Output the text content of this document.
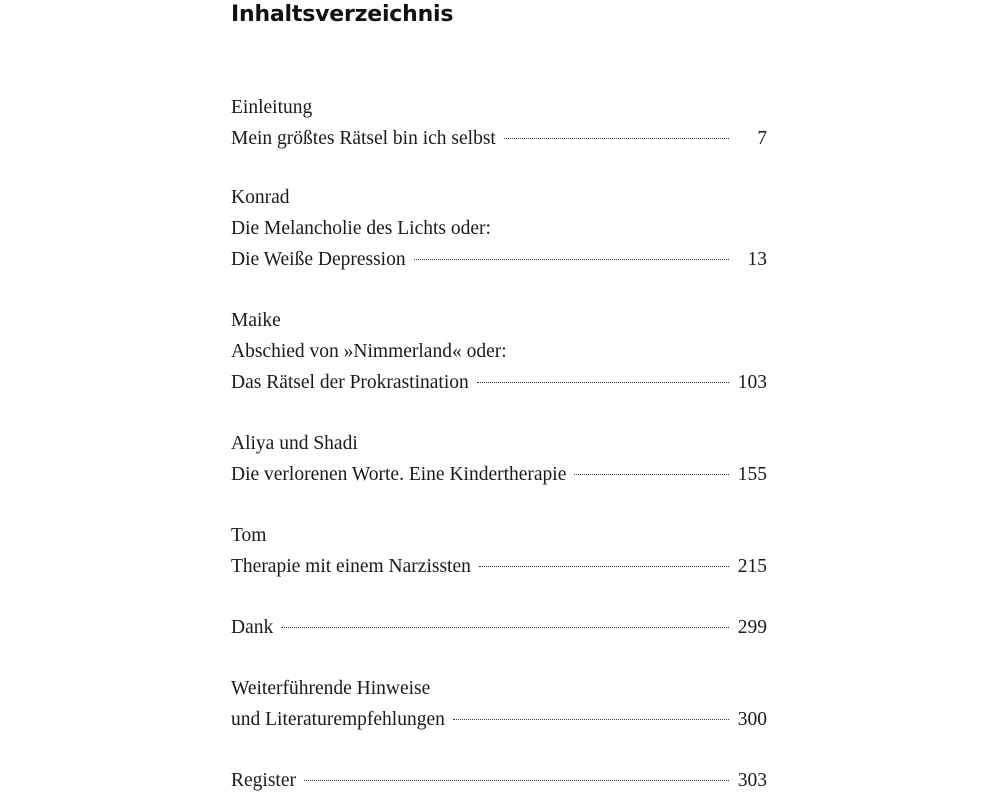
Inhaltsverzeichnis
Einleitung
Mein größtes Rätsel bin ich selbst	7
Konrad
Die Melancholie des Lichts oder:
Die Weiße Depression	13
Maike
Abschied von »Nimmerland« oder:
Das Rätsel der Prokrastination	103
Aliya und Shadi
Die verlorenen Worte. Eine Kindertherapie	155
Tom
Therapie mit einem Narzissten	215
Dank	299
Weiterführende Hinweise
und Literaturempfehlungen	300
Register	303
